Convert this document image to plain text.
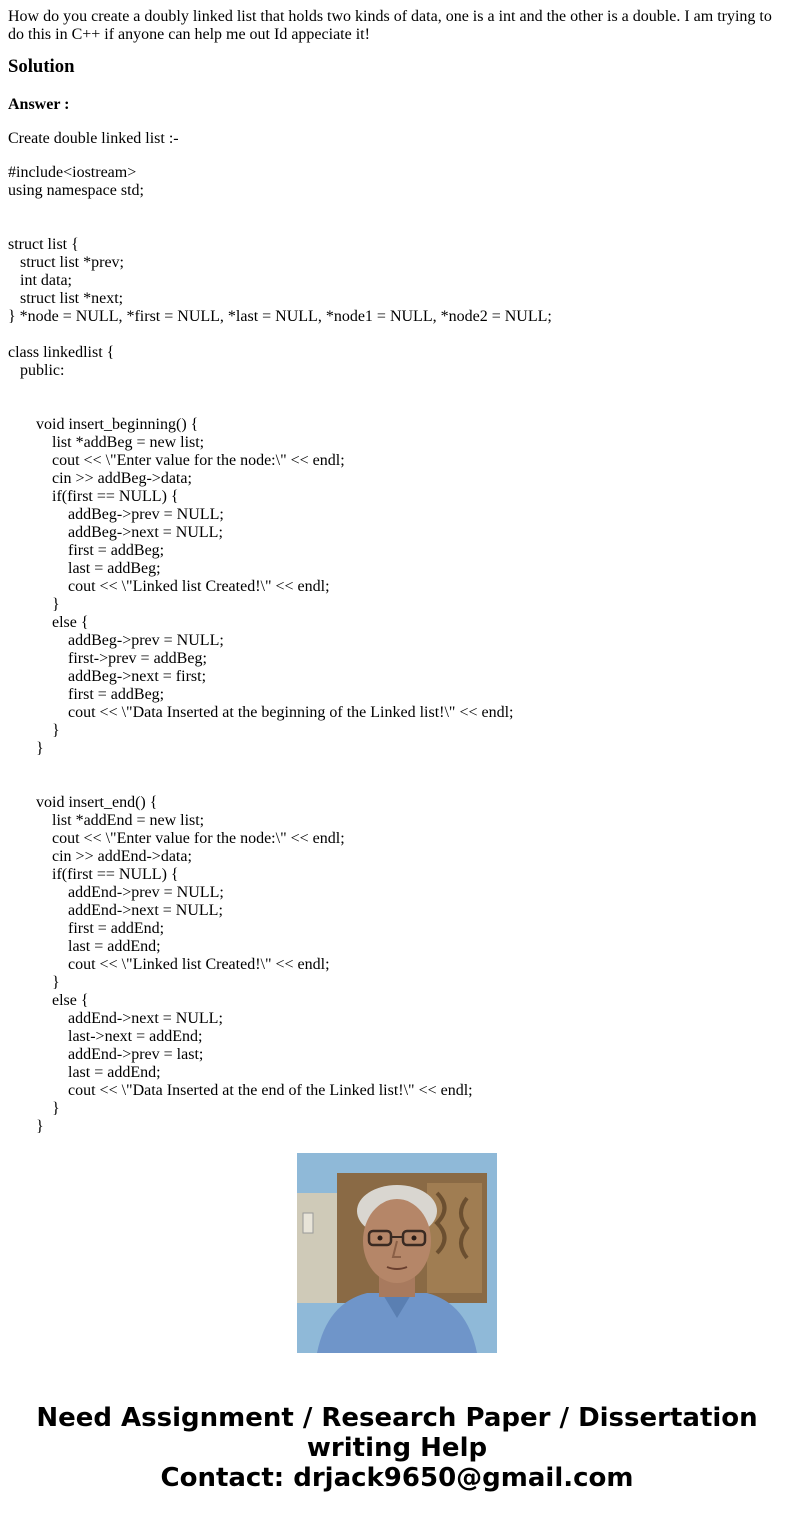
How do you create a doubly linked list that holds two kinds of data, one is a int and the other is a double. I am trying to do this in C++ if anyone can help me out Id appeciate it!
Solution
Answer :
Create double linked list :-
#include<iostream>
using namespace std;
struct list {
struct list *prev;
int data;
struct list *next;
} *node = NULL, *first = NULL, *last = NULL, *node1 = NULL, *node2 = NULL;
class linkedlist {
public:
void insert_beginning() {
list *addBeg = new list;
cout << \"Enter value for the node:\" << endl;
cin >> addBeg->data;
if(first == NULL) {
addBeg->prev = NULL;
addBeg->next = NULL;
first = addBeg;
last = addBeg;
cout << \"Linked list Created!\" << endl;
}
else {
addBeg->prev = NULL;
first->prev = addBeg;
addBeg->next = first;
first = addBeg;
cout << \"Data Inserted at the beginning of the Linked list!\" << endl;
}
}
void insert_end() {
list *addEnd = new list;
cout << \"Enter value for the node:\" << endl;
cin >> addEnd->data;
if(first == NULL) {
addEnd->prev = NULL;
addEnd->next = NULL;
first = addEnd;
last = addEnd;
cout << \"Linked list Created!\" << endl;
}
else {
addEnd->next = NULL;
last->next = addEnd;
addEnd->prev = last;
last = addEnd;
cout << \"Data Inserted at the end of the Linked list!\" << endl;
}
}
Need Assignment / Research Paper / Dissertation
writing Help
Contact: drjack9650@gmail.com
